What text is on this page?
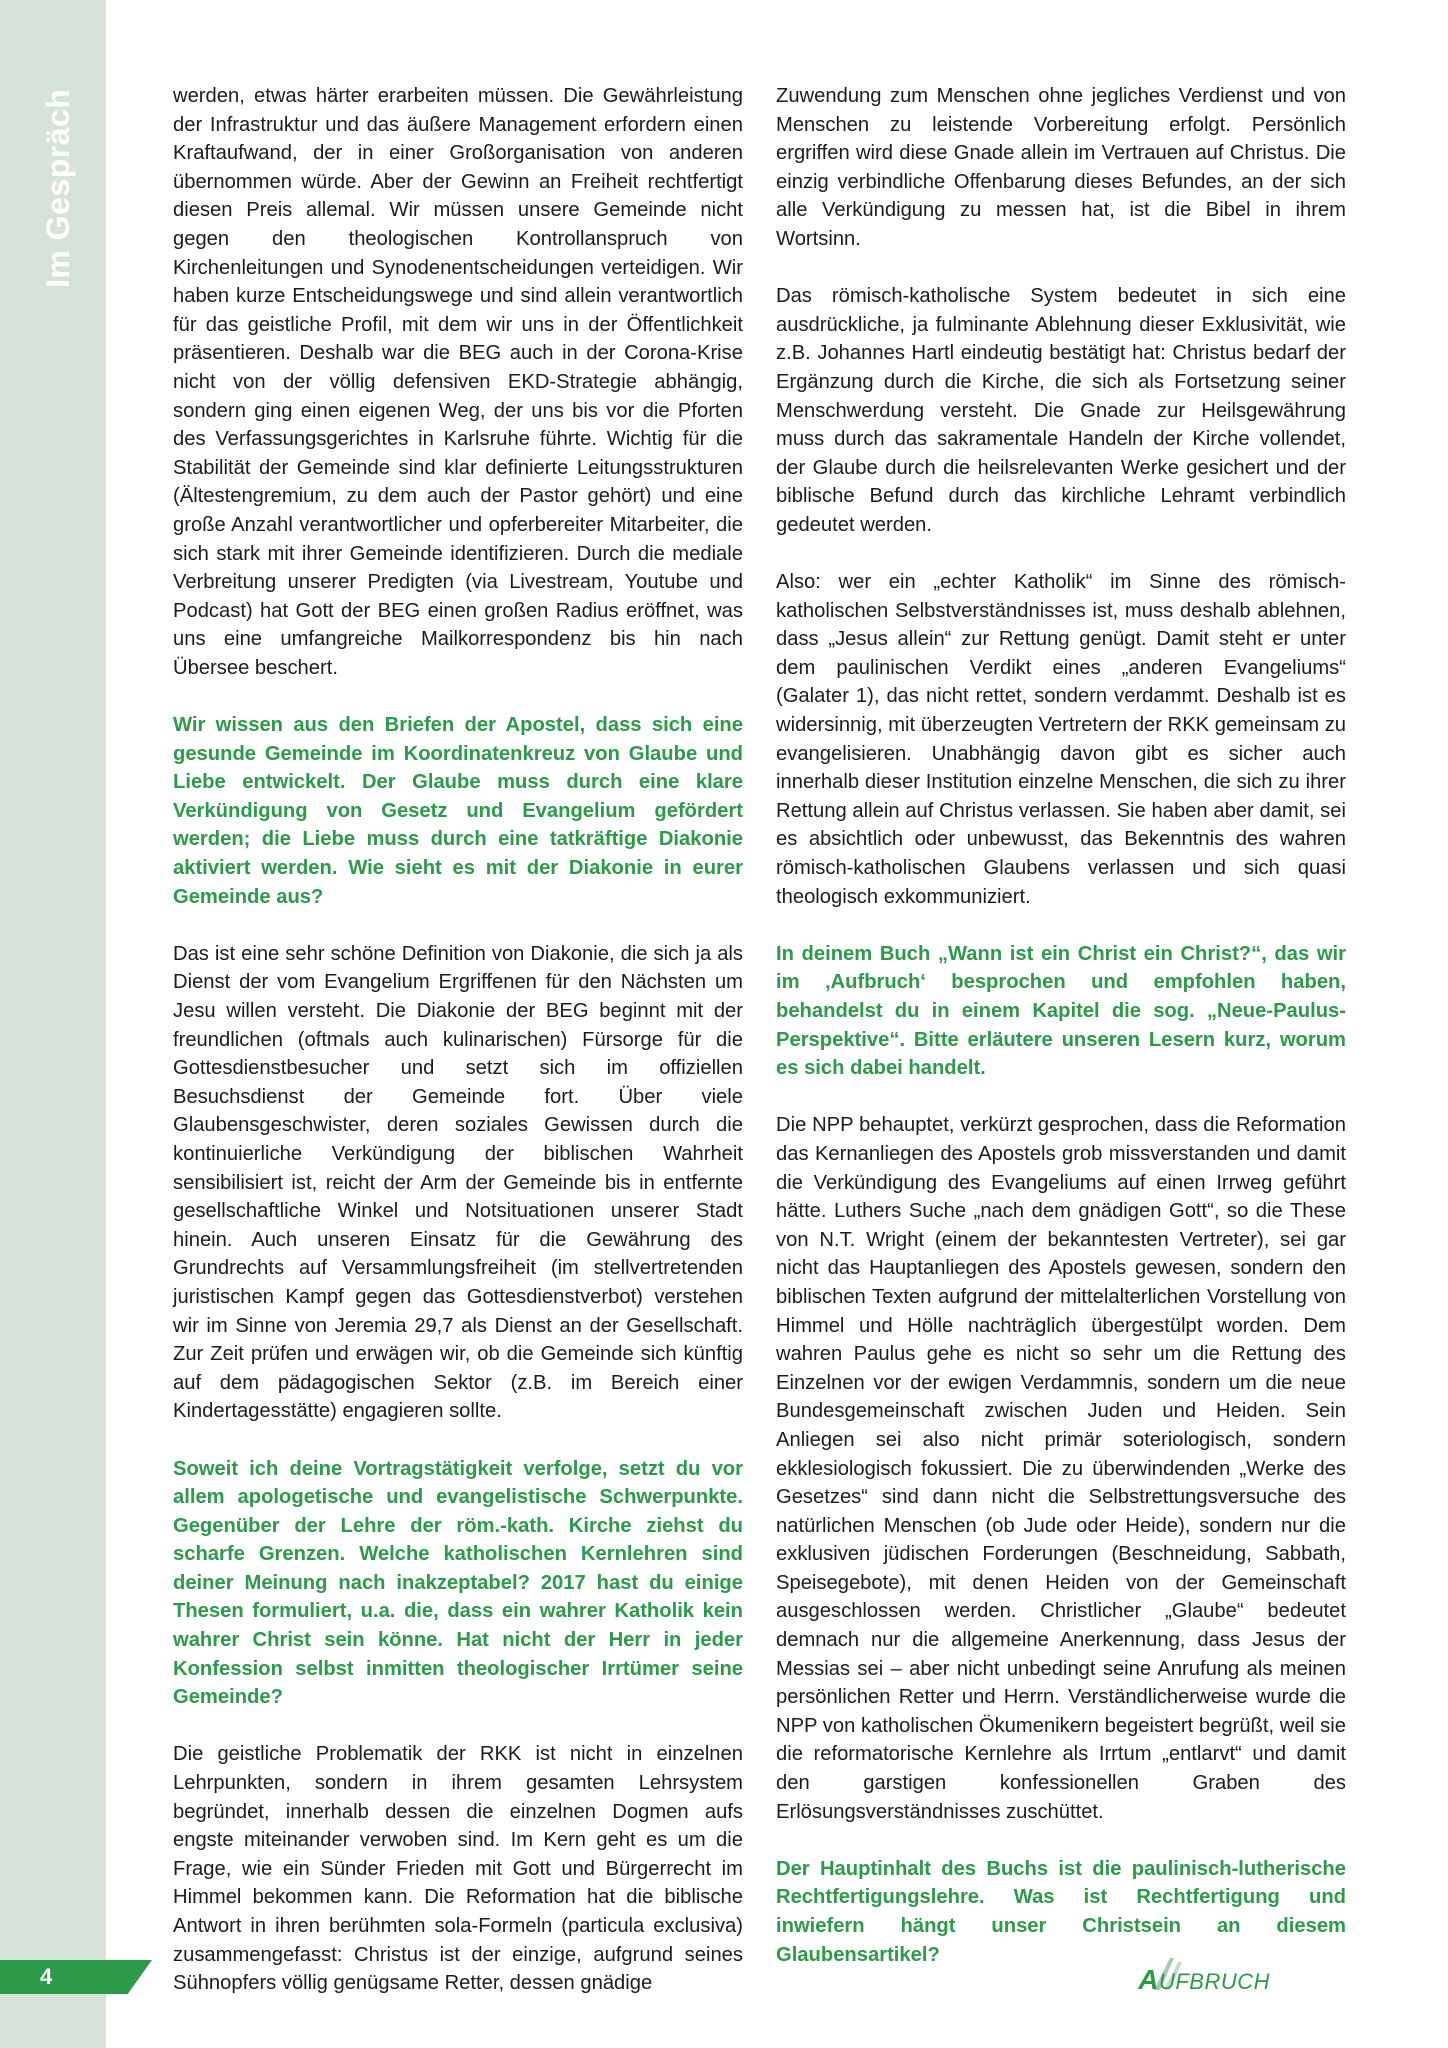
Im Gespräch	werden, etwas härter erarbeiten müssen. Die Gewährleistung der Infrastruktur und das äußere Management erfordern einen Kraftaufwand, der in einer Großorganisation von anderen übernommen würde. Aber der Gewinn an Freiheit rechtfertigt diesen Preis allemal. Wir müssen unsere Gemeinde nicht gegen den theologischen Kontrollanspruch von Kirchenleitungen und Synodenentscheidungen verteidigen. Wir haben kurze Entscheidungswege und sind allein verantwortlich für das geistliche Profil, mit dem wir uns in der Öffentlichkeit präsentieren. Deshalb war die BEG auch in der Corona-Krise nicht von der völlig defensiven EKD-Strategie abhängig, sondern ging einen eigenen Weg, der uns bis vor die Pforten des Verfassungsgerichtes in Karlsruhe führte. Wichtig für die Stabilität der Gemeinde sind klar definierte Leitungsstrukturen (Ältestengremium, zu dem auch der Pastor gehört) und eine große Anzahl verantwortlicher und opferbereiter Mitarbeiter, die sich stark mit ihrer Gemeinde identifizieren. Durch die mediale Verbreitung unserer Predigten (via Livestream, Youtube und Podcast) hat Gott der BEG einen großen Radius eröffnet, was uns eine umfangreiche Mailkorrespondenz bis hin nach Übersee beschert.

Wir wissen aus den Briefen der Apostel, dass sich eine gesunde Gemeinde im Koordinatenkreuz von Glaube und Liebe entwickelt. Der Glaube muss durch eine klare Verkündigung von Gesetz und Evangelium gefördert werden; die Liebe muss durch eine tatkräftige Diakonie aktiviert werden. Wie sieht es mit der Diakonie in eurer Gemeinde aus?

Das ist eine sehr schöne Definition von Diakonie, die sich ja als Dienst der vom Evangelium Ergriffenen für den Nächsten um Jesu willen versteht. Die Diakonie der BEG beginnt mit der freundlichen (oftmals auch kulinarischen) Fürsorge für die Gottesdienstbesucher und setzt sich im offiziellen Besuchsdienst der Gemeinde fort. Über viele Glaubensgeschwister, deren soziales Gewissen durch die kontinuierliche Verkündigung der biblischen Wahrheit sensibilisiert ist, reicht der Arm der Gemeinde bis in entfernte gesellschaftliche Winkel und Notsituationen unserer Stadt hinein. Auch unseren Einsatz für die Gewährung des Grundrechts auf Versammlungsfreiheit (im stellvertretenden juristischen Kampf gegen das Gottesdienstverbot) verstehen wir im Sinne von Jeremia 29,7 als Dienst an der Gesellschaft. Zur Zeit prüfen und erwägen wir, ob die Gemeinde sich künftig auf dem pädagogischen Sektor (z.B. im Bereich einer Kindertagesstätte) engagieren sollte.

Soweit ich deine Vortragstätigkeit verfolge, setzt du vor allem apologetische und evangelistische Schwerpunkte. Gegenüber der Lehre der röm.-kath. Kirche ziehst du scharfe Grenzen. Welche katholischen Kernlehren sind deiner Meinung nach inakzeptabel? 2017 hast du einige Thesen formuliert, u.a. die, dass ein wahrer Katholik kein wahrer Christ sein könne. Hat nicht der Herr in jeder Konfession selbst inmitten theologischer Irrtümer seine Gemeinde?

Die geistliche Problematik der RKK ist nicht in einzelnen Lehrpunkten, sondern in ihrem gesamten Lehrsystem begründet, innerhalb dessen die einzelnen Dogmen aufs engste miteinander verwoben sind. Im Kern geht es um die Frage, wie ein Sünder Frieden mit Gott und Bürgerrecht im Himmel bekommen kann. Die Reformation hat die biblische Antwort in ihren berühmten sola-Formeln (particula exclusiva) zusammengefasst: Christus ist der einzige, aufgrund seines Sühnopfers völlig genügsame Retter, dessen gnädige

Zuwendung zum Menschen ohne jegliches Verdienst und von Menschen zu leistende Vorbereitung erfolgt. Persönlich ergriffen wird diese Gnade allein im Vertrauen auf Christus. Die einzig verbindliche Offenbarung dieses Befundes, an der sich alle Verkündigung zu messen hat, ist die Bibel in ihrem Wortsinn.

Das römisch-katholische System bedeutet in sich eine ausdrückliche, ja fulminante Ablehnung dieser Exklusivität, wie z.B. Johannes Hartl eindeutig bestätigt hat: Christus bedarf der Ergänzung durch die Kirche, die sich als Fortsetzung seiner Menschwerdung versteht. Die Gnade zur Heilsgewährung muss durch das sakramentale Handeln der Kirche vollendet, der Glaube durch die heilsrelevanten Werke gesichert und der biblische Befund durch das kirchliche Lehramt verbindlich gedeutet werden.

Also: wer ein „echter Katholik“ im Sinne des römisch-katholischen Selbstverständnisses ist, muss deshalb ablehnen, dass „Jesus allein“ zur Rettung genügt. Damit steht er unter dem paulinischen Verdikt eines „anderen Evangeliums“ (Galater 1), das nicht rettet, sondern verdammt. Deshalb ist es widersinnig, mit überzeugten Vertretern der RKK gemeinsam zu evangelisieren. Unabhängig davon gibt es sicher auch innerhalb dieser Institution einzelne Menschen, die sich zu ihrer Rettung allein auf Christus verlassen. Sie haben aber damit, sei es absichtlich oder unbewusst, das Bekenntnis des wahren römisch-katholischen Glaubens verlassen und sich quasi theologisch exkommuniziert.

In deinem Buch „Wann ist ein Christ ein Christ?“, das wir im ‚Aufbruch‘ besprochen und empfohlen haben, behandelst du in einem Kapitel die sog. „Neue-Paulus-Perspektive“. Bitte erläutere unseren Lesern kurz, worum es sich dabei handelt.

Die NPP behauptet, verkürzt gesprochen, dass die Reformation das Kernanliegen des Apostels grob missverstanden und damit die Verkündigung des Evangeliums auf einen Irrweg geführt hätte. Luthers Suche „nach dem gnädigen Gott“, so die These von N.T. Wright (einem der bekanntesten Vertreter), sei gar nicht das Hauptanliegen des Apostels gewesen, sondern den biblischen Texten aufgrund der mittelalterlichen Vorstellung von Himmel und Hölle nachträglich übergestülpt worden. Dem wahren Paulus gehe es nicht so sehr um die Rettung des Einzelnen vor der ewigen Verdammnis, sondern um die neue Bundesgemeinschaft zwischen Juden und Heiden. Sein Anliegen sei also nicht primär soteriologisch, sondern ekklesiologisch fokussiert. Die zu überwindenden „Werke des Gesetzes“ sind dann nicht die Selbstrettungsversuche des natürlichen Menschen (ob Jude oder Heide), sondern nur die exklusiven jüdischen Forderungen (Beschneidung, Sabbath, Speisegebote), mit denen Heiden von der Gemeinschaft ausgeschlossen werden. Christlicher „Glaube“ bedeutet demnach nur die allgemeine Anerkennung, dass Jesus der Messias sei – aber nicht unbedingt seine Anrufung als meinen persönlichen Retter und Herrn. Verständlicherweise wurde die NPP von katholischen Ökumenikern begeistert begrüßt, weil sie die reformatorische Kernlehre als Irrtum „entlarvt“ und damit den garstigen konfessionellen Graben des Erlösungsverständnisses zuschüttet.

Der Hauptinhalt des Buchs ist die paulinisch-lutherische Rechtfertigungslehre. Was ist Rechtfertigung und inwiefern hängt unser Christsein an diesem Glaubensartikel?

4	AUFBRUCH
